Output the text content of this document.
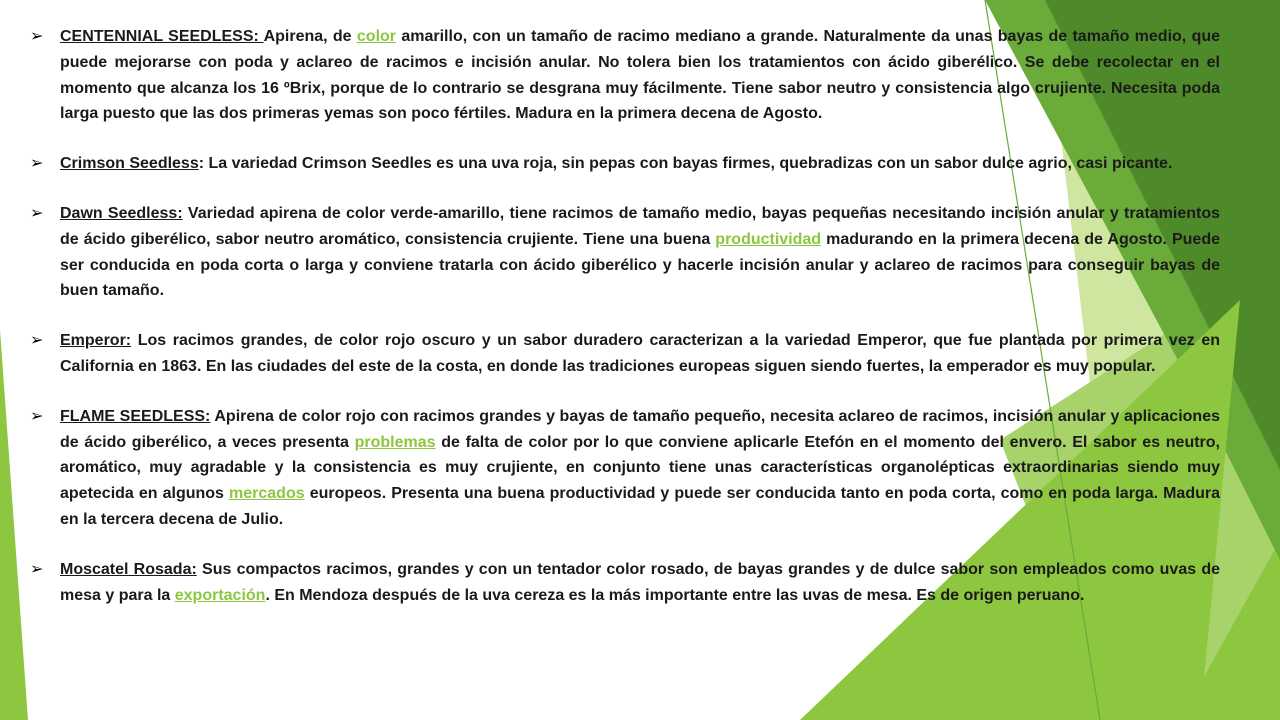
➢	CENTENNIAL SEEDLESS: Apirena, de color amarillo, con un tamaño de racimo mediano a grande. Naturalmente da unas bayas de tamaño medio, que puede mejorarse con poda y aclareo de racimos e incisión anular. No tolera bien los tratamientos con ácido giberélico. Se debe recolectar en el momento que alcanza los 16 ºBrix, porque de lo contrario se desgrana muy fácilmente. Tiene sabor neutro y consistencia algo crujiente. Necesita poda larga puesto que las dos primeras yemas son poco fértiles. Madura en la primera decena de Agosto.
➢	Crimson Seedless: La variedad Crimson Seedles es una uva roja, sin pepas con bayas firmes, quebradizas con un sabor dulce agrio, casi picante.
➢	Dawn Seedless: Variedad apirena de color verde-amarillo, tiene racimos de tamaño medio, bayas pequeñas necesitando incisión anular y tratamientos de ácido giberélico, sabor neutro aromático, consistencia crujiente. Tiene una buena productividad madurando en la primera decena de Agosto. Puede ser conducida en poda corta o larga y conviene tratarla con ácido giberélico y hacerle incisión anular y aclareo de racimos para conseguir bayas de buen tamaño.
➢	Emperor: Los racimos grandes, de color rojo oscuro y un sabor duradero caracterizan a la variedad Emperor, que fue plantada por primera vez en California en 1863. En las ciudades del este de la costa, en donde las tradiciones europeas siguen siendo fuertes, la emperador es muy popular.
➢	FLAME SEEDLESS: Apirena de color rojo con racimos grandes y bayas de tamaño pequeño, necesita aclareo de racimos, incisión anular y aplicaciones de ácido giberélico, a veces presenta problemas de falta de color por lo que conviene aplicarle Etefón en el momento del envero. El sabor es neutro, aromático, muy agradable y la consistencia es muy crujiente, en conjunto tiene unas características organolépticas extraordinarias siendo muy apetecida en algunos mercados europeos. Presenta una buena productividad y puede ser conducida tanto en poda corta, como en poda larga. Madura en la tercera decena de Julio.
➢	Moscatel Rosada: Sus compactos racimos, grandes y con un tentador color rosado, de bayas grandes y de dulce sabor son empleados como uvas de mesa y para la exportación. En Mendoza después de la uva cereza es la más importante entre las uvas de mesa. Es de origen peruano.
